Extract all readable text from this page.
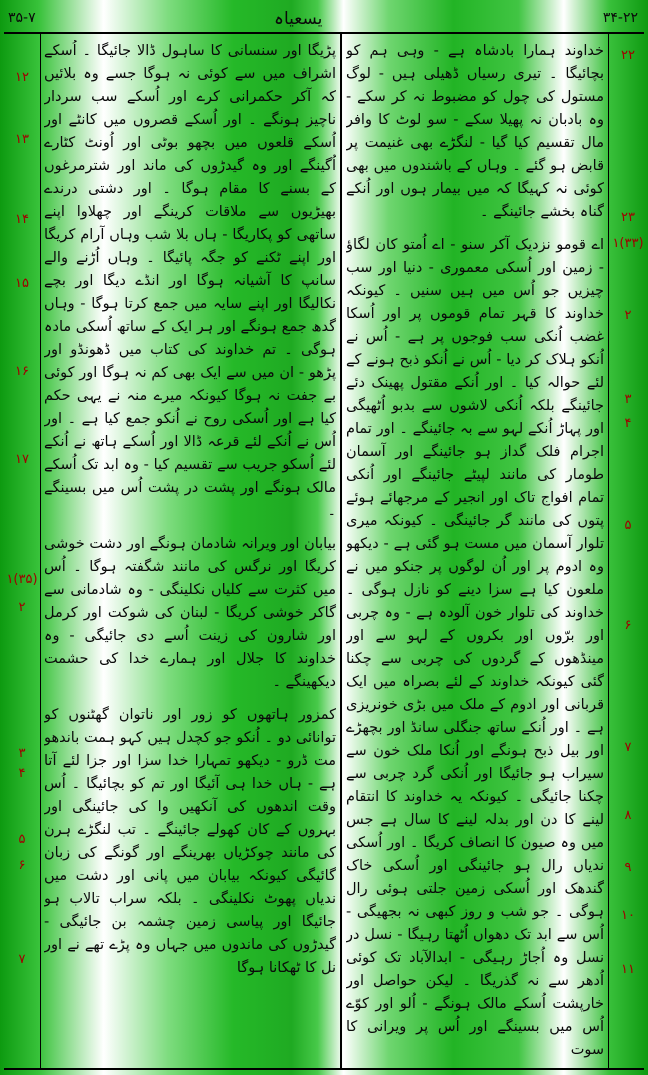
۳۵-۷	یسعیاہ	۳۴-۲۲
۲۲
۲۳
۱(۳۳)
۲
۳
۴
۵
۶
۷
۸
۹
۱۰
۱۱
۱۲
۱۳
۱۴
۱۵
۱۶
۱۷
۱(۳۵)
۲
۳
۴
۵
۶
۷

خداوند ہمارا بادشاہ ہے - وہی ہم کو بچائیگا ۔ تیری رسیاں ڈھیلی ہیں - لوگ مستول کی چول کو مضبوط نہ کر سکے - وہ بادبان نہ پھیلا سکے - سو لوٹ کا وافر مال تقسیم کیا گیا - لنگڑے بھی غنیمت پر قابض ہو گئے ۔ وہاں کے باشندوں میں بھی کوئی نہ کہیگا کہ میں بیمار ہوں اور اُنکے گناہ بخشے جائینگے ۔

اے قومو نزدیک آکر سنو - اے اُمتو کان لگاؤ - زمین اور اُسکی معموری - دنیا اور سب چیزیں جو اُس میں ہیں سنیں ۔ کیونکہ خداوند کا قہر تمام قوموں پر اور اُسکا غضب اُنکی سب فوجوں پر ہے - اُس نے اُنکو ہلاک کر دیا - اُس نے اُنکو ذبح ہونے کے لئے حوالہ کیا ۔ اور اُنکے مقتول پھینک دئے جائینگے بلکہ اُنکی لاشوں سے بدبو اُٹھیگی اور پہاڑ اُنکے لہو سے بہ جائینگے ۔ اور تمام اجرام فلک گداز ہو جائینگے اور آسمان طومار کی مانند لپیٹے جائینگے اور اُنکی تمام افواج تاک اور انجیر کے مرجھائے ہوئے پتوں کی مانند گر جائینگی ۔ کیونکہ میری تلوار آسمان میں مست ہو گئی ہے - دیکھو وہ ادوم پر اور اُن لوگوں پر جنکو میں نے ملعون کیا ہے سزا دینے کو نازل ہوگی ۔ خداوند کی تلوار خون آلودہ ہے - وہ چربی اور برّوں اور بکروں کے لہو سے اور مینڈھوں کے گردوں کی چربی سے چکنا گئی کیونکہ خداوند کے لئے بصراہ میں ایک قربانی اور ادوم کے ملک میں بڑی خونریزی ہے ۔ اور اُنکے ساتھ جنگلی سانڈ اور بچھڑے اور بیل ذبح ہونگے اور اُنکا ملک خون سے سیراب ہو جائیگا اور اُنکی گرد چربی سے چکنا جائیگی ۔ کیونکہ یہ خداوند کا انتقام لینے کا دن اور بدلہ لینے کا سال ہے جس میں وہ صیون کا انصاف کریگا ۔ اور اُسکی ندیاں رال ہو جائینگی اور اُسکی خاک گندھک اور اُسکی زمین جلتی ہوئی رال ہوگی ۔ جو شب و روز کبھی نہ بجھیگی - اُس سے ابد تک دھواں اُٹھتا رہیگا - نسل در نسل وہ اُجاڑ رہیگی - ابدالآباد تک کوئی اُدھر سے نہ گذریگا ۔ لیکن حواصل اور خارپشت اُسکے مالک ہونگے - اُلو اور کوّے اُس میں بسینگے اور اُس پر ویرانی کا سوت

پڑیگا اور سنسانی کا ساہول ڈالا جائیگا ۔ اُسکے اشراف میں سے کوئی نہ ہوگا جسے وہ بلائیں کہ آکر حکمرانی کرے اور اُسکے سب سردار ناچیز ہونگے ۔ اور اُسکے قصروں میں کانٹے اور اُسکے قلعوں میں بچھو بوٹی اور اُونٹ کٹارے اُگینگے اور وہ گیدڑوں کی ماند اور شترمرغوں کے بسنے کا مقام ہوگا ۔ اور دشتی درندے بھیڑیوں سے ملاقات کرینگے اور چھلاوا اپنے ساتھی کو پکاریگا - ہاں بلا شب وہاں آرام کریگا اور اپنے ٹکنے کو جگہ پائیگا ۔ وہاں اُڑنے والے سانپ کا آشیانہ ہوگا اور انڈے دیگا اور بچے نکالیگا اور اپنے سایہ میں جمع کرتا ہوگا - وہاں گدھ جمع ہونگے اور ہر ایک کے ساتھ اُسکی مادہ ہوگی ۔ تم خداوند کی کتاب میں ڈھونڈو اور پڑھو - ان میں سے ایک بھی کم نہ ہوگا اور کوئی بے جفت نہ ہوگا کیونکہ میرے منہ نے یہی حکم کیا ہے اور اُسکی روح نے اُنکو جمع کیا ہے ۔ اور اُس نے اُنکے لئے قرعہ ڈالا اور اُسکے ہاتھ نے اُنکے لئے اُسکو جریب سے تقسیم کیا - وہ ابد تک اُسکے مالک ہونگے اور پشت در پشت اُس میں بسینگے ۔

بیابان اور ویرانہ شادمان ہونگے اور دشت خوشی کریگا اور نرگس کی مانند شگفتہ ہوگا ۔ اُس میں کثرت سے کلیاں نکلینگی - وہ شادمانی سے گاکر خوشی کریگا - لبنان کی شوکت اور کرمل اور شارون کی زینت اُسے دی جائیگی - وہ خداوند کا جلال اور ہمارے خدا کی حشمت دیکھینگے ۔

کمزور ہاتھوں کو زور اور ناتوان گھٹنوں کو توانائی دو ۔ اُنکو جو کچدل ہیں کہو ہمت باندھو مت ڈرو - دیکھو تمہارا خدا سزا اور جزا لئے آتا ہے - ہاں خدا ہی آئیگا اور تم کو بچائیگا ۔ اُس وقت اندھوں کی آنکھیں وا کی جائینگی اور بہروں کے کان کھولے جائینگے ۔ تب لنگڑے ہرن کی مانند چوکڑیاں بھرینگے اور گونگے کی زبان گائیگی کیونکہ بیابان میں پانی اور دشت میں ندیاں پھوٹ نکلینگی ۔ بلکہ سراب تالاب ہو جائیگا اور پیاسی زمین چشمہ بن جائیگی - گیدڑوں کی ماندوں میں جہاں وہ پڑے تھے نے اور نل کا ٹھکانا ہوگا
